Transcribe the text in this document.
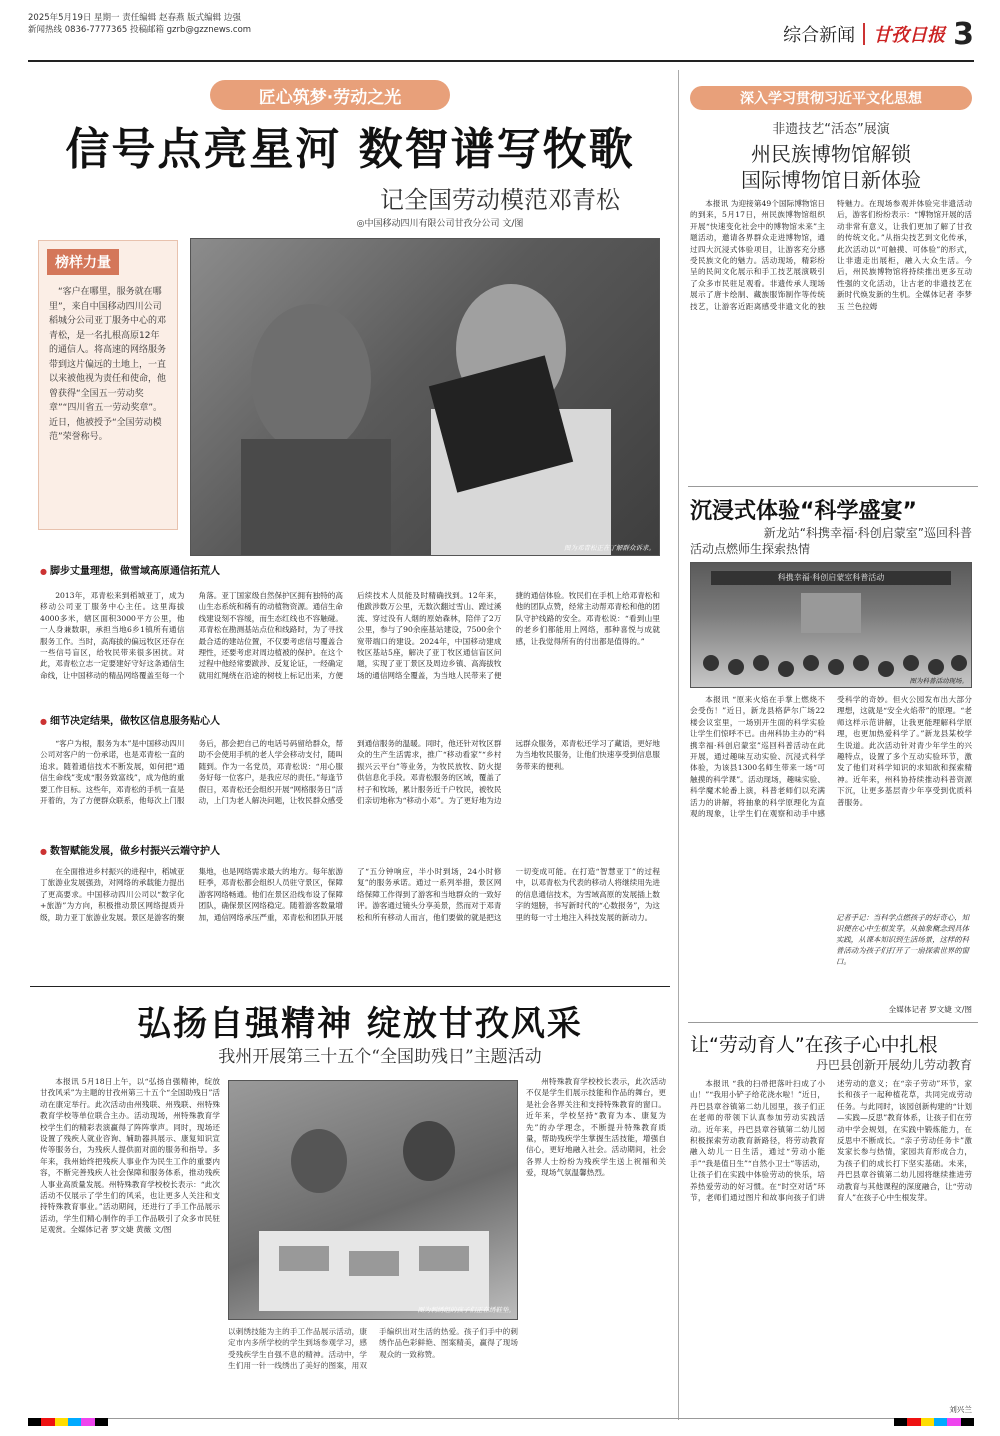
2025年5月19日 星期一 责任编辑 赵春燕 版式编辑 边强
新闻热线 0836-7777365 投稿邮箱 gzrb@gzznews.com	综合新闻 甘孜日报 3
匠心筑梦·劳动之光
信号点亮星河 数智谱写牧歌
记全国劳动模范邓青松
◎中国移动四川有限公司甘孜分公司 文/图
榜样力量
“客户在哪里，服务就在哪里”，来自中国移动四川公司稻城分公司亚丁服务中心的邓青松，是一名扎根高原12年的通信人。将高速的网络服务带到这片偏远的土地上，一直以来被他视为责任和使命，他曾获得“全国五一劳动奖章”“四川省五一劳动奖章”。近日，他被授予“全国劳动模范”荣誉称号。
图为邓青松正在了解群众诉求。
● 脚步丈量理想，做雪域高原通信拓荒人
2013年，邓青松来到稻城亚丁，成为移动公司亚丁服务中心主任。这里海拔4000多米，辖区面积3000平方公里，他一人身兼数职，承担当地6乡1镇所有通信服务工作。当时，高海拔的偏远牧区还存在一些信号盲区，给牧民带来很多困扰。对此，邓青松立志一定要建好守好这条通信生命线，让中国移动的精品网络覆盖至每一个角落。亚丁国家级自然保护区拥有独特的高山生态系统和稀有的动植物资源。通信生命线建设刻不容缓，而生态红线也不容触碰。邓青松在勘测基站点位和线路时，为了寻找最合适的建站位置，不仅要考虑信号覆盖合理性，还要考虑对周边植被的保护。在这个过程中他经常要跋涉、反复论证，一经确定就用红绳绕在沿途的树枝上标记出来，方便后续技术人员能及时精确找到。12年来，他跋涉数万公里，无数次翻过雪山、蹚过溪流、穿过没有人烟的原始森林，陪伴了2万公里，参与了90余座基站建设，7500余个宽带端口的建设。2024年，中国移动建成牧区基站5座，解决了亚丁牧区通信盲区问题，实现了亚丁景区及周边乡镇、高海拔牧场的通信网络全覆盖，为当地人民带来了便捷的通信体验。牧民们在手机上给邓青松和他的团队点赞，经常主动帮邓青松和他的团队守护线路的安全。邓青松说：“看到山里的老乡们都能用上网络，那种喜悦与成就感，让我觉得所有的付出都是值得的。”
● 细节决定结果，做牧区信息服务贴心人
“客户为根，服务为本”是中国移动四川公司对客户的一份承诺，也是邓青松一直的追求。随着通信技术不断发展，如何把“通信生命线”变成“服务致富线”，成为他的重要工作目标。这些年，邓青松的手机一直是开着的，为了方便群众联系，他每次上门服务后，都会把自己的电话号码留给群众，帮助不会使用手机的老人学会移动支付，随叫随到。作为一名党员，邓青松说：“用心服务好每一位客户，是我应尽的责任。”每逢节假日，邓青松还会组织开展“网格服务日”活动，上门为老人解决问题，让牧民群众感受到通信服务的温暖。同时，他还针对牧区群众的生产生活需求，推广“移动看家”“乡村振兴云平台”等业务，为牧民放牧、防火提供信息化手段。邓青松服务的区域，覆盖了村子和牧场，累计服务近千户牧民，被牧民们亲切地称为“移动小邓”。为了更好地为边远群众服务，邓青松还学习了藏语，更好地为当地牧民服务，让他们快速享受到信息服务带来的便利。
● 数智赋能发展，做乡村振兴云端守护人
在全面推进乡村振兴的进程中，稻城亚丁旅游业发展强劲，对网络的承载能力提出了更高要求。中国移动四川公司以“数字化+旅游”为方向，积极推动景区网络提质升级，助力亚丁旅游业发展。景区是游客的聚集地，也是网络需求最大的地方。每年旅游旺季，邓青松都会组织人员驻守景区，保障游客网络畅通。他们在景区沿线布设了保障团队，确保景区网络稳定。随着游客数量增加，通信网络承压严重，邓青松和团队开展了“五分钟响应，半小时到场，24小时修复”的服务承诺。通过一系列举措，景区网络保障工作得到了游客和当地群众的一致好评。游客通过镜头分享美景，然而对于邓青松和所有移动人而言，他们要做的就是把这一切变成可能。在打造“智慧亚丁”的过程中，以邓青松为代表的移动人将继续用先进的信息通信技术，为雪域高原的发展插上数字的翅膀，书写新时代的“心数报务”，为这里的每一寸土地注入科技发展的新动力。
弘扬自强精神 绽放甘孜风采
我州开展第三十五个“全国助残日”主题活动
本报讯 5月18日上午，以“弘扬自强精神，绽放甘孜风采”为主题的甘孜州第三十五个“全国助残日”活动在康定举行。此次活动由州残联、州残联、州特殊教育学校等单位联合主办。活动现场，州特殊教育学校学生们的精彩表演赢得了阵阵掌声。同时，现场还设置了残疾人就业咨询、辅助器具展示、康复知识宣传等服务台，为残疾人提供面对面的服务和指导。多年来，我州始终把残疾人事业作为民生工作的重要内容，不断完善残疾人社会保障和服务体系，推动残疾人事业高质量发展。州特殊教育学校校长表示：“此次活动不仅展示了学生们的风采，也让更多人关注和支持特殊教育事业。”活动期间，还进行了手工作品展示活动，学生们精心制作的手工作品吸引了众多市民驻足观赏。全媒体记者 罗文婕 黄薇 文/图
图为刺绣组的孩子们正在绣鞋垫。
以刺绣技能为主的手工作品展示活动，康定市内多所学校的学生到场参观学习，感受残疾学生自强不息的精神。活动中，学生们用一针一线绣出了美好的图案，用双手编织出对生活的热爱。孩子们手中的刺绣作品色彩鲜艳、图案精美，赢得了现场观众的一致称赞。
州特殊教育学校校长表示，此次活动不仅是学生们展示技能和作品的舞台，更是社会各界关注和支持特殊教育的窗口。近年来，学校坚持“教育为本、康复为先”的办学理念，不断提升特殊教育质量，帮助残疾学生掌握生活技能，增强自信心，更好地融入社会。活动期间，社会各界人士纷纷为残疾学生送上祝福和关爱，现场气氛温馨热烈。
深入学习贯彻习近平文化思想
非遗技艺“活态”展演
州民族博物馆解锁
国际博物馆日新体验
本报讯 为迎接第49个国际博物馆日的到来，5月17日，州民族博物馆组织开展“快速变化社会中的博物馆未来”主题活动，邀请各界群众走进博物馆，通过四大沉浸式体验项目，让游客充分感受民族文化的魅力。活动现场，精彩纷呈的民间文化展示和手工技艺展演吸引了众多市民驻足观看。非遗传承人现场展示了唐卡绘制、藏族服饰制作等传统技艺，让游客近距离感受非遗文化的独特魅力。在现场参观并体验完非遗活动后，游客们纷纷表示：“博物馆开展的活动非常有意义，让我们更加了解了甘孜的传统文化。”从指尖技艺到文化传承，此次活动以“可触摸、可体验”的形式，让非遗走出展柜，融入大众生活。今后，州民族博物馆将持续推出更多互动性强的文化活动，让古老的非遗技艺在新时代焕发新的生机。全媒体记者 李梦玉 兰色拉姆
沉浸式体验“科学盛宴”
新龙站“科携幸福·科创启蒙室”巡回科普
活动点燃师生探索热情
科携幸福·科创启蒙室科普活动
图为科普活动现场。
本报讯 “原来火焰在手掌上燃烧不会受伤！”近日，新龙县格萨尔广场22楼会议室里，一场别开生面的科学实验让学生们惊呼不已。由州科协主办的“科携幸福·科创启蒙室”巡回科普活动在此开展，通过趣味互动实验、沉浸式科学体验，为该县1300名师生带来一场“可触摸的科学课”。活动现场，趣味实验、科学魔术轮番上演，科普老师们以充满活力的讲解，将抽象的科学原理化为直观的现象，让学生们在观察和动手中感受科学的奇妙。但火公园发布出大部分理想，这就是“安全火焰带”的原理。“老师这样示范讲解，让我更能理解科学原理，也更加热爱科学了。”新龙县某校学生说道。此次活动针对青少年学生的兴趣特点，设置了多个互动实验环节，激发了他们对科学知识的求知欲和探索精神。近年来，州科协持续推动科普资源下沉，让更多基层青少年享受到优质科普服务。
记者手记：当科学点燃孩子的好奇心，知识便在心中生根发芽。从抽象概念到具体实践，从课本知识到生活场景，这样的科普活动为孩子们打开了一扇探索世界的窗口。
全媒体记者 罗文婕 文/图
让“劳动育人”在孩子心中扎根
丹巴县创新开展幼儿劳动教育
本报讯 “我的扫帚把落叶扫成了小山！”“我用小铲子给花浇水啦！”近日，丹巴县章谷镇第二幼儿园里，孩子们正在老师的带领下认真参加劳动实践活动。近年来，丹巴县章谷镇第二幼儿园积极探索劳动教育新路径，将劳动教育融入幼儿一日生活，通过“劳动小能手”“我是值日生”“自然小卫士”等活动，让孩子们在实践中体验劳动的快乐，培养热爱劳动的好习惯。在“时空对话”环节，老师们通过图片和故事向孩子们讲述劳动的意义；在“亲子劳动”环节，家长和孩子一起种植花草，共同完成劳动任务。与此同时，该园创新构建的“计划—实践—反思”教育体系，让孩子们在劳动中学会规划，在实践中锻炼能力，在反思中不断成长。“亲子劳动任务卡”激发家长参与热情，家园共育形成合力，为孩子们的成长打下坚实基础。未来，丹巴县章谷镇第二幼儿园将继续推进劳动教育与其他课程的深度融合，让“劳动育人”在孩子心中生根发芽。
刘兴兰
